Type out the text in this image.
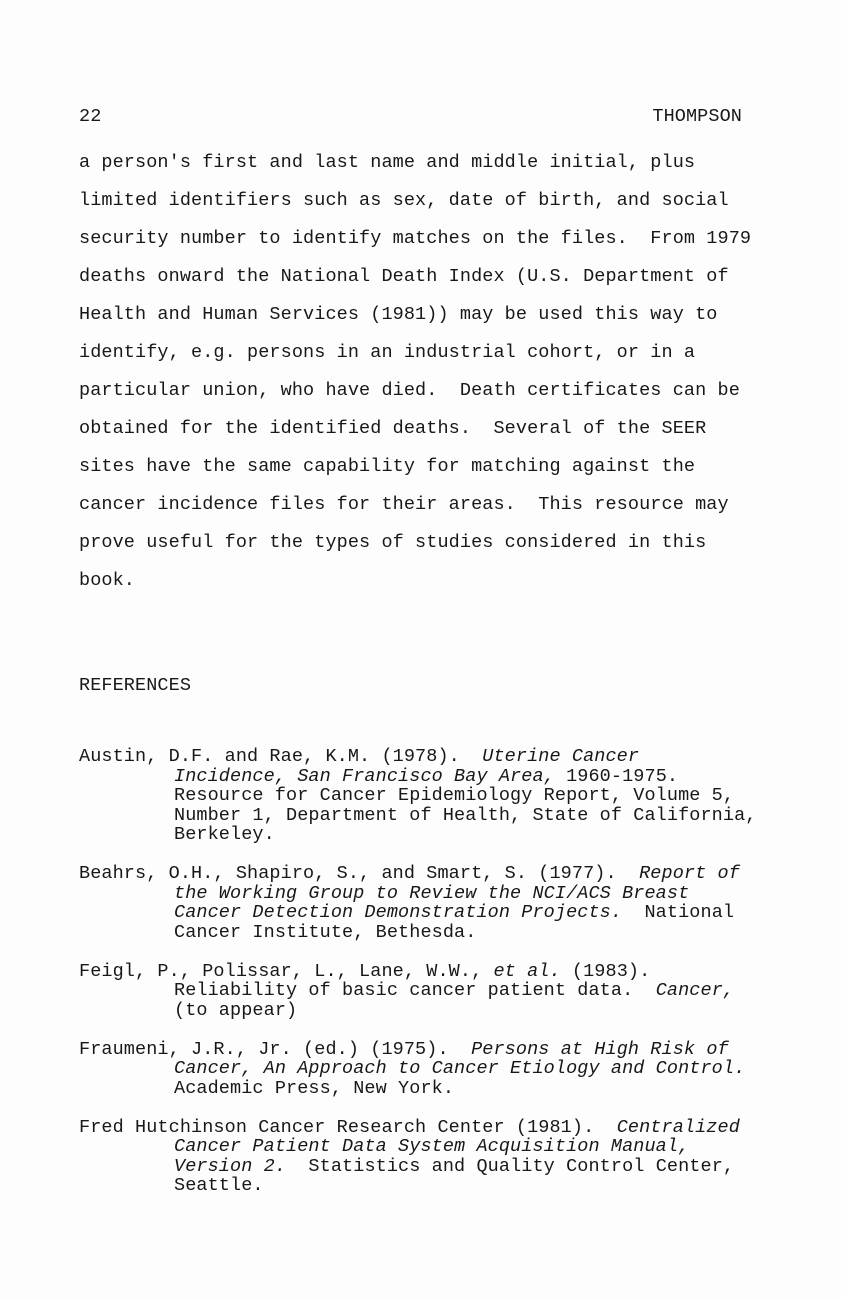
22	THOMPSON
a person's first and last name and middle initial, plus
limited identifiers such as sex, date of birth, and social
security number to identify matches on the files.  From 1979
deaths onward the National Death Index (U.S. Department of
Health and Human Services (1981)) may be used this way to
identify, e.g. persons in an industrial cohort, or in a
particular union, who have died.  Death certificates can be
obtained for the identified deaths.  Several of the SEER
sites have the same capability for matching against the
cancer incidence files for their areas.  This resource may
prove useful for the types of studies considered in this
book.
REFERENCES
Austin, D.F. and Rae, K.M. (1978).  Uterine Cancer
Incidence, San Francisco Bay Area, 1960-1975.
Resource for Cancer Epidemiology Report, Volume 5,
Number 1, Department of Health, State of California,
Berkeley.
Beahrs, O.H., Shapiro, S., and Smart, S. (1977).  Report of
the Working Group to Review the NCI/ACS Breast
Cancer Detection Demonstration Projects.  National
Cancer Institute, Bethesda.
Feigl, P., Polissar, L., Lane, W.W., et al. (1983).
Reliability of basic cancer patient data.  Cancer,
(to appear)
Fraumeni, J.R., Jr. (ed.) (1975).  Persons at High Risk of
Cancer, An Approach to Cancer Etiology and Control.
Academic Press, New York.
Fred Hutchinson Cancer Research Center (1981).  Centralized
Cancer Patient Data System Acquisition Manual,
Version 2.  Statistics and Quality Control Center,
Seattle.
